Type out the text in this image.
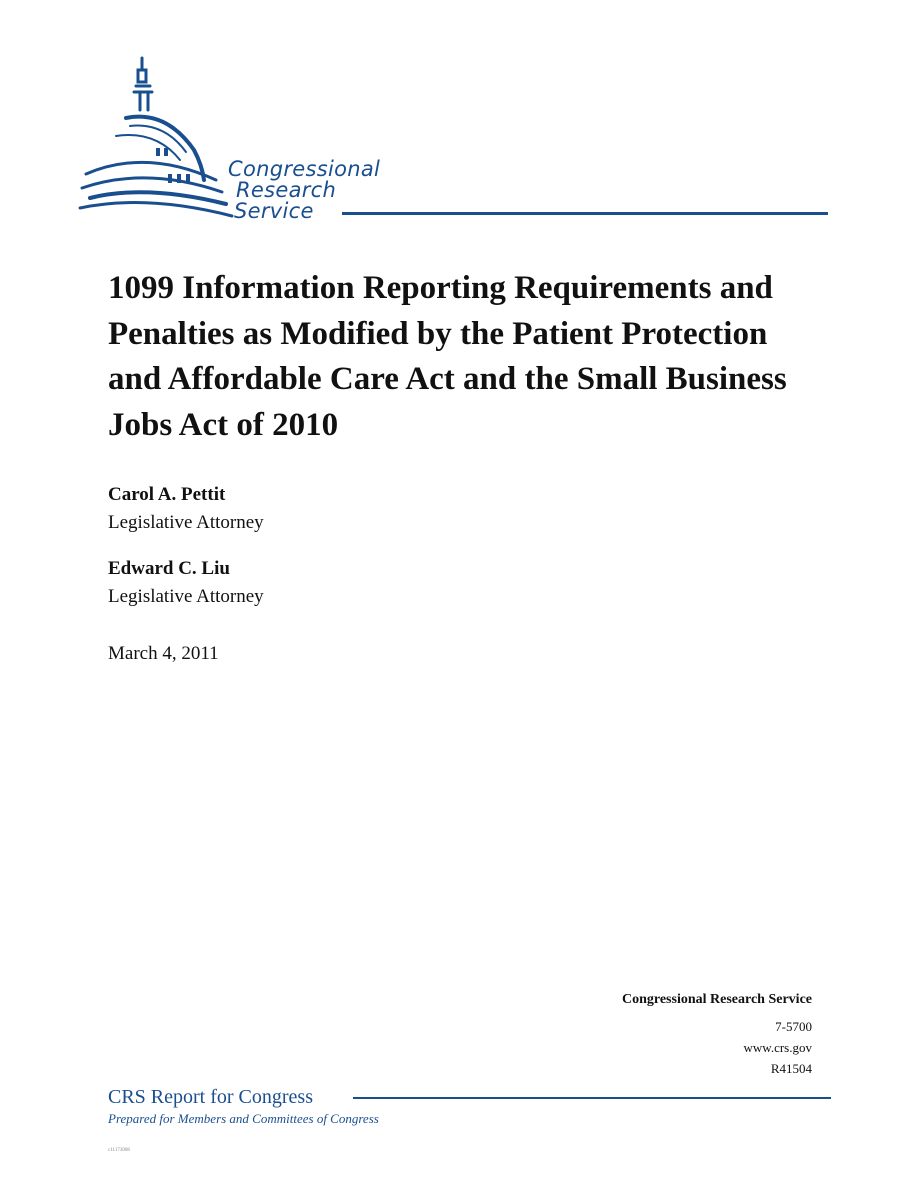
Congressional
Research
Service
1099 Information Reporting Requirements and Penalties as Modified by the Patient Protection and Affordable Care Act and the Small Business Jobs Act of 2010
Carol A. Pettit
Legislative Attorney
Edward C. Liu
Legislative Attorney
March 4, 2011
Congressional Research Service
7-5700
www.crs.gov
R41504
CRS Report for Congress
Prepared for Members and Committees of Congress
c11173008
